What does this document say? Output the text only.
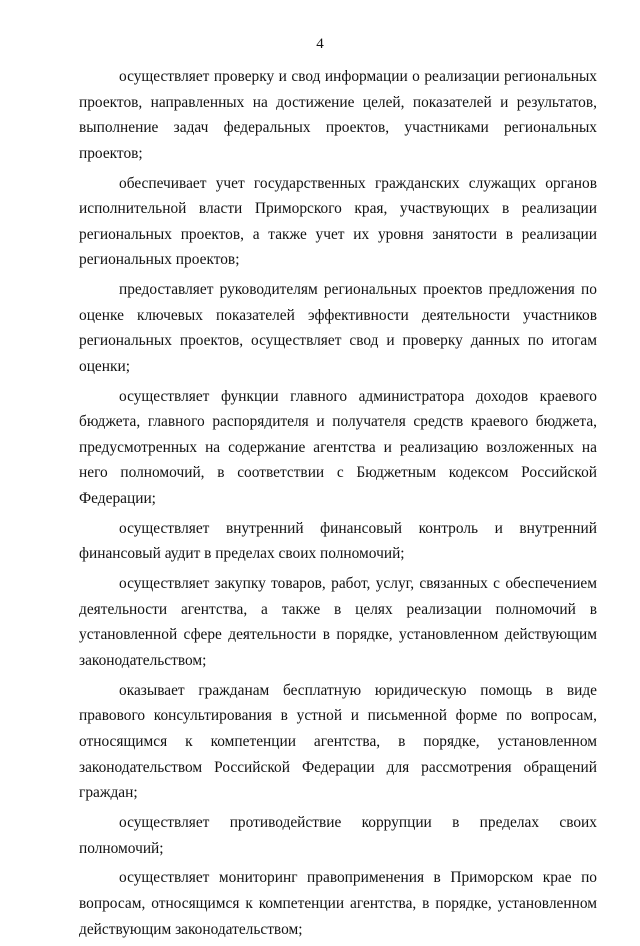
4

осуществляет проверку и свод информации о реализации региональных проектов, направленных на достижение целей, показателей и результатов, выполнение задач федеральных проектов, участниками региональных проектов;

обеспечивает учет государственных гражданских служащих органов исполнительной власти Приморского края, участвующих в реализации региональных проектов, а также учет их уровня занятости в реализации региональных проектов;

предоставляет руководителям региональных проектов предложения по оценке ключевых показателей эффективности деятельности участников региональных проектов, осуществляет свод и проверку данных по итогам оценки;

осуществляет функции главного администратора доходов краевого бюджета, главного распорядителя и получателя средств краевого бюджета, предусмотренных на содержание агентства и реализацию возложенных на него полномочий, в соответствии с Бюджетным кодексом Российской Федерации;

осуществляет внутренний финансовый контроль и внутренний финансовый аудит в пределах своих полномочий;

осуществляет закупку товаров, работ, услуг, связанных с обеспечением деятельности агентства, а также в целях реализации полномочий в установленной сфере деятельности в порядке, установленном действующим законодательством;

оказывает гражданам бесплатную юридическую помощь в виде правового консультирования в устной и письменной форме по вопросам, относящимся к компетенции агентства, в порядке, установленном законодательством Российской Федерации для рассмотрения обращений граждан;

осуществляет противодействие коррупции в пределах своих полномочий;

осуществляет мониторинг правоприменения в Приморском крае по вопросам, относящимся к компетенции агентства, в порядке, установленном действующим законодательством;
